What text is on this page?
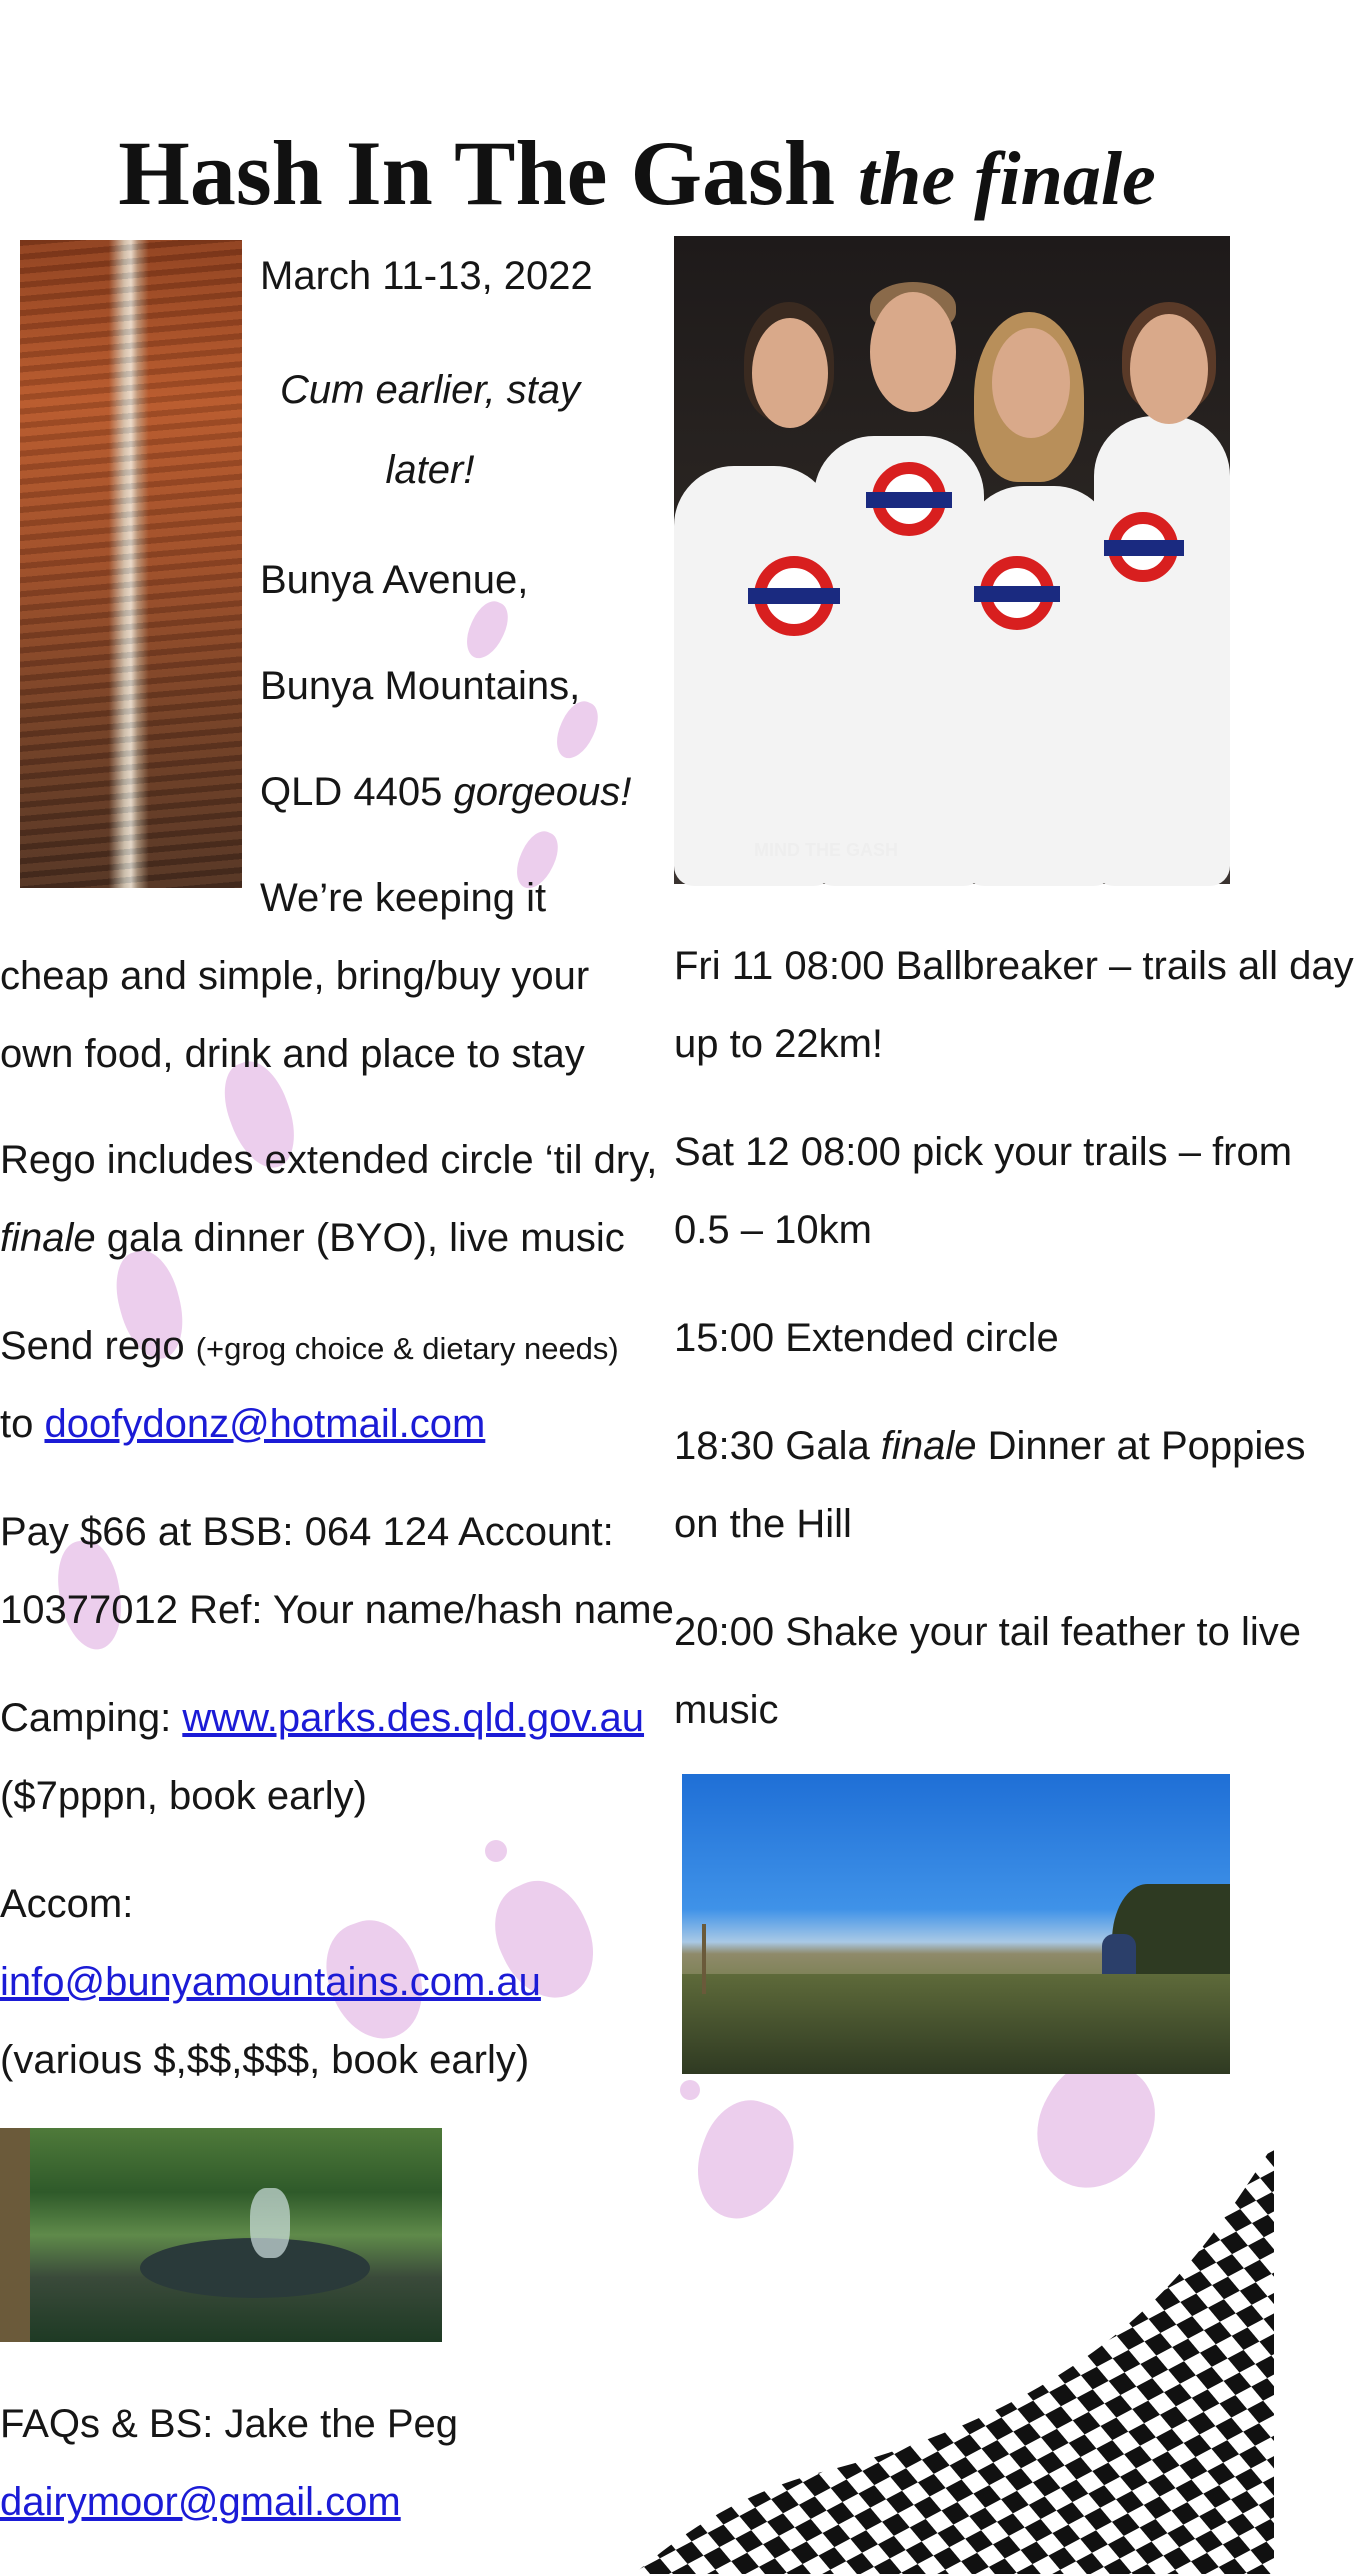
Hash In The Gash the finale
March 11-13, 2022
Cum earlier, stay
later!
Bunya Avenue,
Bunya Mountains,
QLD 4405 gorgeous!
We’re keeping it
cheap and simple, bring/buy your
own food, drink and place to stay
Rego includes extended circle ‘til dry,
finale gala dinner (BYO), live music
Send rego (+grog choice & dietary needs)
to doofydonz@hotmail.com
Pay $66 at BSB: 064 124 Account:
10377012 Ref: Your name/hash name
Camping: www.parks.des.qld.gov.au
($7pppn, book early)
Accom:
info@bunyamountains.com.au
(various $,$$,$$$, book early)
FAQs & BS: Jake the Peg
dairymoor@gmail.com
MIND THE GASH
Fri 11 08:00 Ballbreaker – trails all day
up to 22km!
Sat 12 08:00 pick your trails – from
0.5 – 10km
15:00 Extended circle
18:30 Gala finale Dinner at Poppies
on the Hill
20:00 Shake your tail feather to live
music
